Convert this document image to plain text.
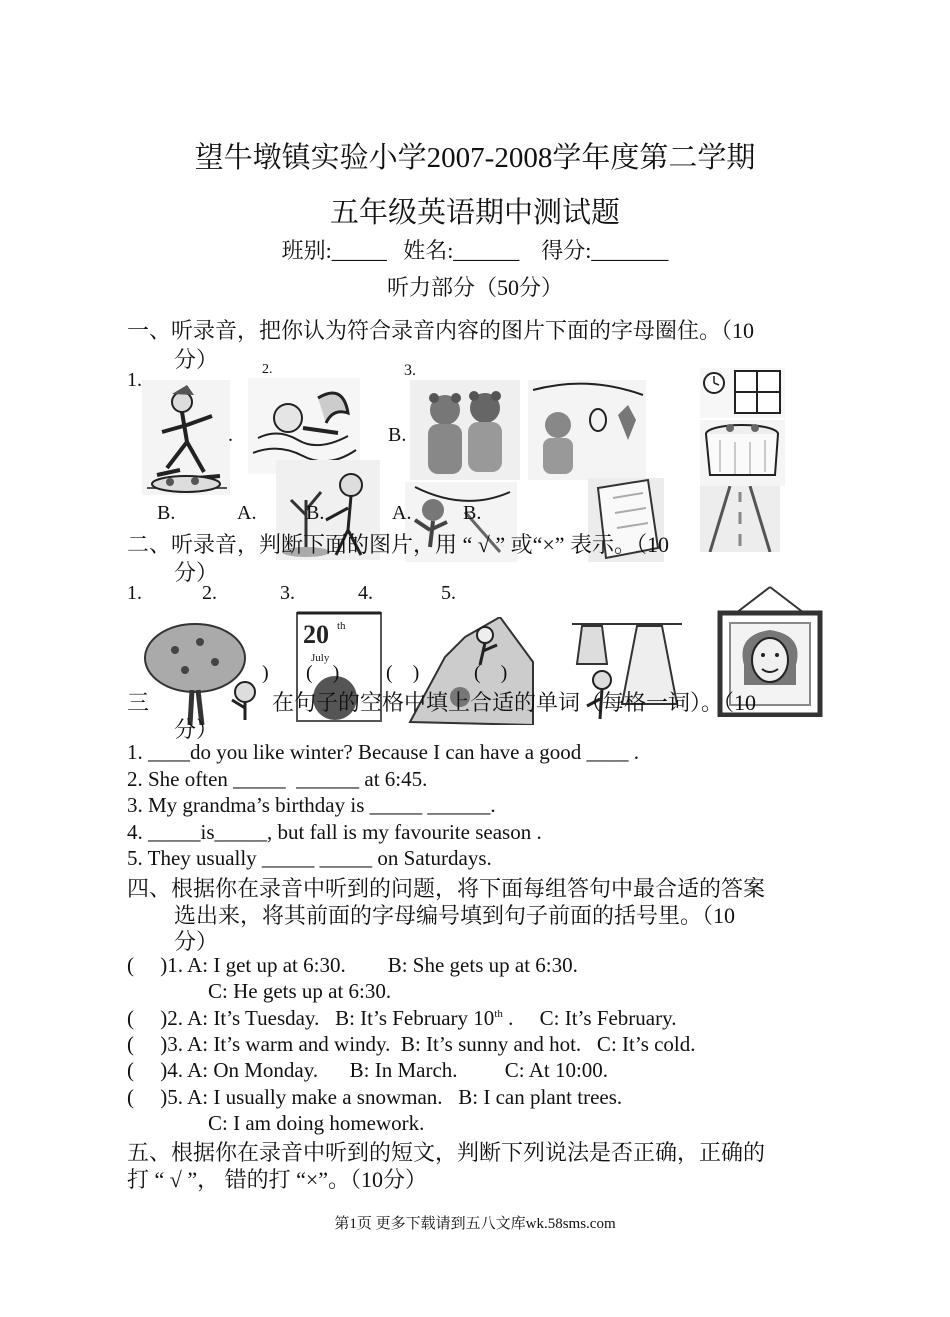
望牛墩镇实验小学2007-2008学年度第二学期
五年级英语期中测试题
班别:_____   姓名:______    得分:_______
听力部分（50分）
一、听录音，把你认为符合录音内容的图片下面的字母圈住。（10
分）
1.	2.	3.
.	B.
B.	A. B.	A.	B.
二、听录音，判断下面的图片，用 “ √ ” 或“×” 表示。（10
分）
1.	2.	3.	4.	5.
20 th
July
) (    ) (    )	(    )
三	在句子的空格中填上合适的单词（每格一词）。（10
分）
1. ____do you like winter? Because I can have a good ____ .
2. She often _____  ______ at 6:45.
3. My grandma’s birthday is _____ ______.
4. _____is_____, but fall is my favourite season .
5. They usually _____ _____ on Saturdays.
四、根据你在录音中听到的问题，将下面每组答句中最合适的答案
选出来，将其前面的字母编号填到句子前面的括号里。（10
分）
(     )1. A: I get up at 6:30.        B: She gets up at 6:30.
C: He gets up at 6:30.
(     )2. A: It’s Tuesday.   B: It’s February 10th .     C: It’s February.
(     )3. A: It’s warm and windy.  B: It’s sunny and hot.   C: It’s cold.
(     )4. A: On Monday.      B: In March.         C: At 10:00.
(     )5. A: I usually make a snowman.   B: I can plant trees.
C: I am doing homework.
五、根据你在录音中听到的短文，判断下列说法是否正确，正确的
打 “ √ ”， 错的打 “×”。（10分）
第1页 更多下载请到五八文库wk.58sms.com
